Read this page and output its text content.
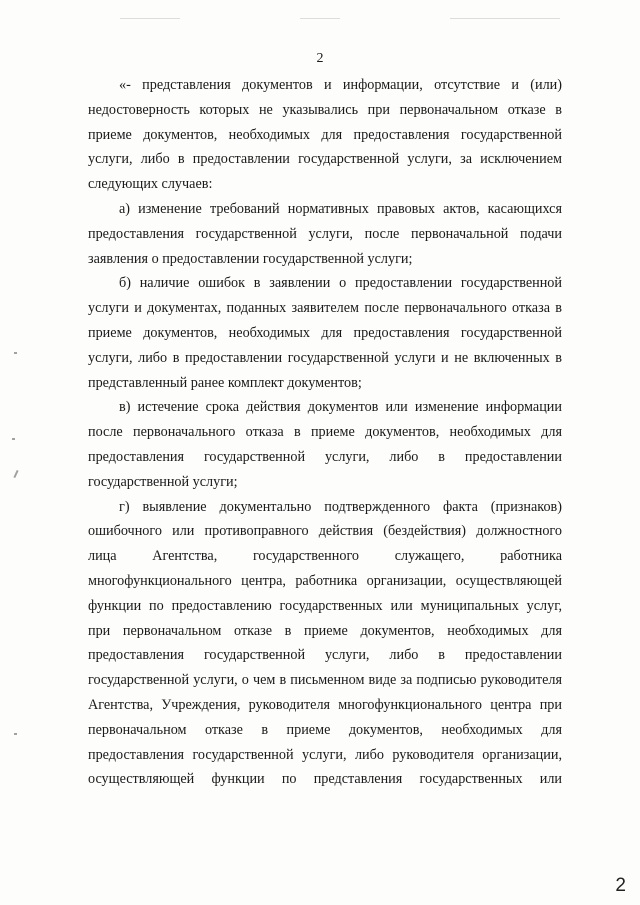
2

«- представления документов и информации, отсутствие и (или)
недостоверность которых не указывались при первоначальном отказе в
приеме документов, необходимых для предоставления государственной
услуги, либо в предоставлении государственной услуги, за исключением
следующих случаев:
а) изменение требований нормативных правовых актов, касающихся
предоставления государственной услуги, после первоначальной подачи
заявления о предоставлении государственной услуги;
б) наличие ошибок в заявлении о предоставлении государственной
услуги и документах, поданных заявителем после первоначального отказа в
приеме документов, необходимых для предоставления государственной
услуги, либо в предоставлении государственной услуги и не включенных в
представленный ранее комплект документов;
в) истечение срока действия документов или изменение информации
после первоначального отказа в приеме документов, необходимых для
предоставления государственной услуги, либо в предоставлении
государственной услуги;
г) выявление документально подтвержденного факта (признаков)
ошибочного или противоправного действия (бездействия) должностного
лица Агентства, государственного служащего, работника
многофункционального центра, работника организации, осуществляющей
функции по предоставлению государственных или муниципальных услуг,
при первоначальном отказе в приеме документов, необходимых для
предоставления государственной услуги, либо в предоставлении
государственной услуги, о чем в письменном виде за подписью руководителя
Агентства, Учреждения, руководителя многофункционального центра при
первоначальном отказе в приеме документов, необходимых для
предоставления государственной услуги, либо руководителя организации,
осуществляющей функции по представления государственных или

2
